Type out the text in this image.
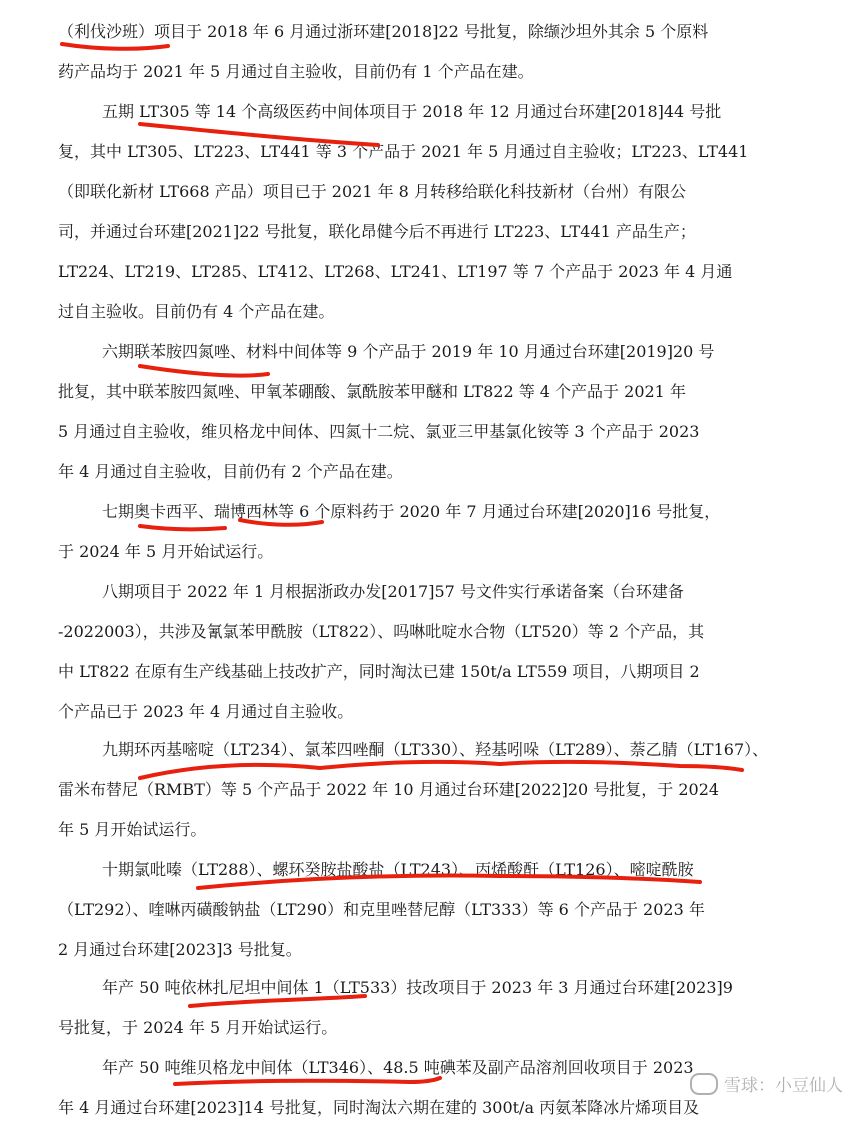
（利伐沙班）项目于 2018 年 6 月通过浙环建[2018]22 号批复，除缬沙坦外其余 5 个原料
药产品均于 2021 年 5 月通过自主验收，目前仍有 1 个产品在建。
五期 LT305 等 14 个高级医药中间体项目于 2018 年 12 月通过台环建[2018]44 号批
复，其中 LT305、LT223、LT441 等 3 个产品于 2021 年 5 月通过自主验收；LT223、LT441
（即联化新材 LT668 产品）项目已于 2021 年 8 月转移给联化科技新材（台州）有限公
司，并通过台环建[2021]22 号批复，联化昂健今后不再进行 LT223、LT441 产品生产；
LT224、LT219、LT285、LT412、LT268、LT241、LT197 等 7 个产品于 2023 年 4 月通
过自主验收。目前仍有 4 个产品在建。
六期联苯胺四氮唑、材料中间体等 9 个产品于 2019 年 10 月通过台环建[2019]20 号
批复，其中联苯胺四氮唑、甲氧苯硼酸、氯酰胺苯甲醚和 LT822 等 4 个产品于 2021 年
5 月通过自主验收，维贝格龙中间体、四氮十二烷、氯亚三甲基氯化铵等 3 个产品于 2023
年 4 月通过自主验收，目前仍有 2 个产品在建。
七期奥卡西平、瑞博西林等 6 个原料药于 2020 年 7 月通过台环建[2020]16 号批复，
于 2024 年 5 月开始试运行。
八期项目于 2022 年 1 月根据浙政办发[2017]57 号文件实行承诺备案（台环建备
-2022003），共涉及氰氯苯甲酰胺（LT822）、吗啉吡啶水合物（LT520）等 2 个产品，其
中 LT822 在原有生产线基础上技改扩产，同时淘汰已建 150t/a LT559 项目，八期项目 2
个产品已于 2023 年 4 月通过自主验收。
九期环丙基嘧啶（LT234）、氯苯四唑酮（LT330）、羟基吲哚（LT289）、萘乙腈（LT167）、
雷米布替尼（RMBT）等 5 个产品于 2022 年 10 月通过台环建[2022]20 号批复，于 2024
年 5 月开始试运行。
十期氯吡嗪（LT288）、螺环癸胺盐酸盐（LT243）、丙烯酸酐（LT126）、嘧啶酰胺
（LT292）、喹啉丙磺酸钠盐（LT290）和克里唑替尼醇（LT333）等 6 个产品于 2023 年
2 月通过台环建[2023]3 号批复。
年产 50 吨依林扎尼坦中间体 1（LT533）技改项目于 2023 年 3 月通过台环建[2023]9
号批复，于 2024 年 5 月开始试运行。
年产 50 吨维贝格龙中间体（LT346）、48.5 吨碘苯及副产品溶剂回收项目于 2023
年 4 月通过台环建[2023]14 号批复，同时淘汰六期在建的 300t/a 丙氨苯降冰片烯项目及
雪球：小豆仙人
